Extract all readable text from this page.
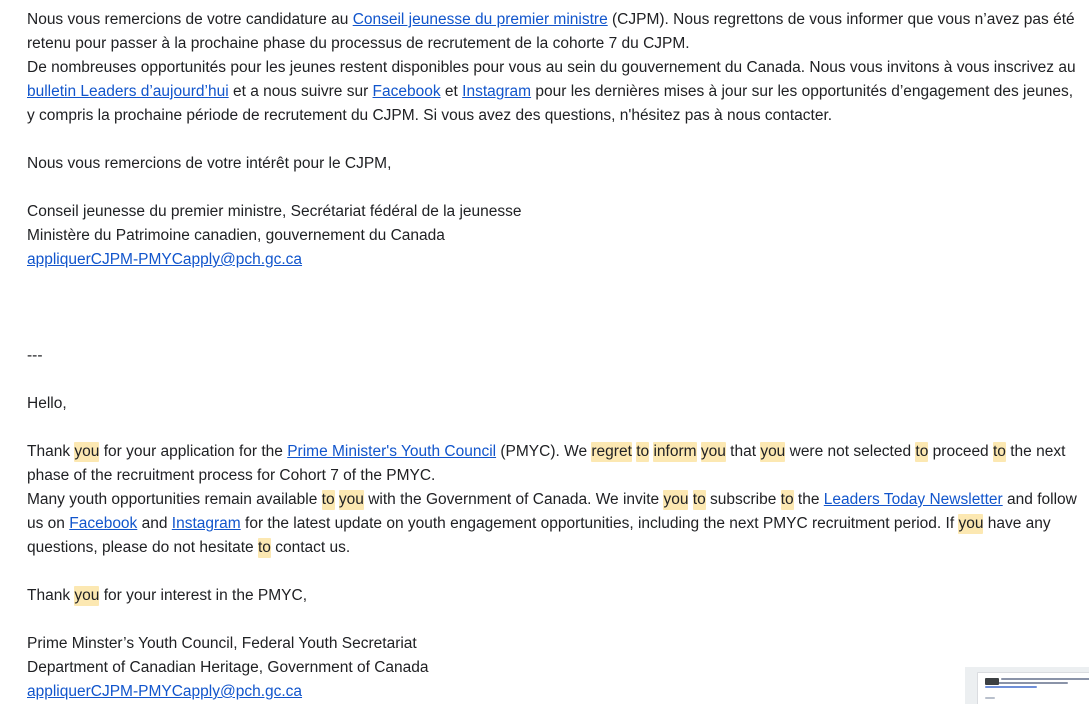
Nous vous remercions de votre candidature au Conseil jeunesse du premier ministre (CJPM). Nous regrettons de vous informer que vous n’avez pas été retenu pour passer à la prochaine phase du processus de recrutement de la cohorte 7 du CJPM.

De nombreuses opportunités pour les jeunes restent disponibles pour vous au sein du gouvernement du Canada. Nous vous invitons à vous inscrivez au bulletin Leaders d’aujourd’hui et a nous suivre sur Facebook et Instagram pour les dernières mises à jour sur les opportunités d’engagement des jeunes, y compris la prochaine période de recrutement du CJPM. Si vous avez des questions, n'hésitez pas à nous contacter.

Nous vous remercions de votre intérêt pour le CJPM,

Conseil jeunesse du premier ministre, Secrétariat fédéral de la jeunesse

Ministère du Patrimoine canadien, gouvernement du Canada

appliquerCJPM-PMYCapply@pch.gc.ca

---

Hello,

Thank you for your application for the Prime Minister's Youth Council (PMYC). We regret to inform you that you were not selected to proceed to the next phase of the recruitment process for Cohort 7 of the PMYC.

Many youth opportunities remain available to you with the Government of Canada. We invite you to subscribe to the Leaders Today Newsletter and follow us on Facebook and Instagram for the latest update on youth engagement opportunities, including the next PMYC recruitment period. If you have any questions, please do not hesitate to contact us.

Thank you for your interest in the PMYC,

Prime Minster’s Youth Council, Federal Youth Secretariat

Department of Canadian Heritage, Government of Canada

appliquerCJPM-PMYCapply@pch.gc.ca
